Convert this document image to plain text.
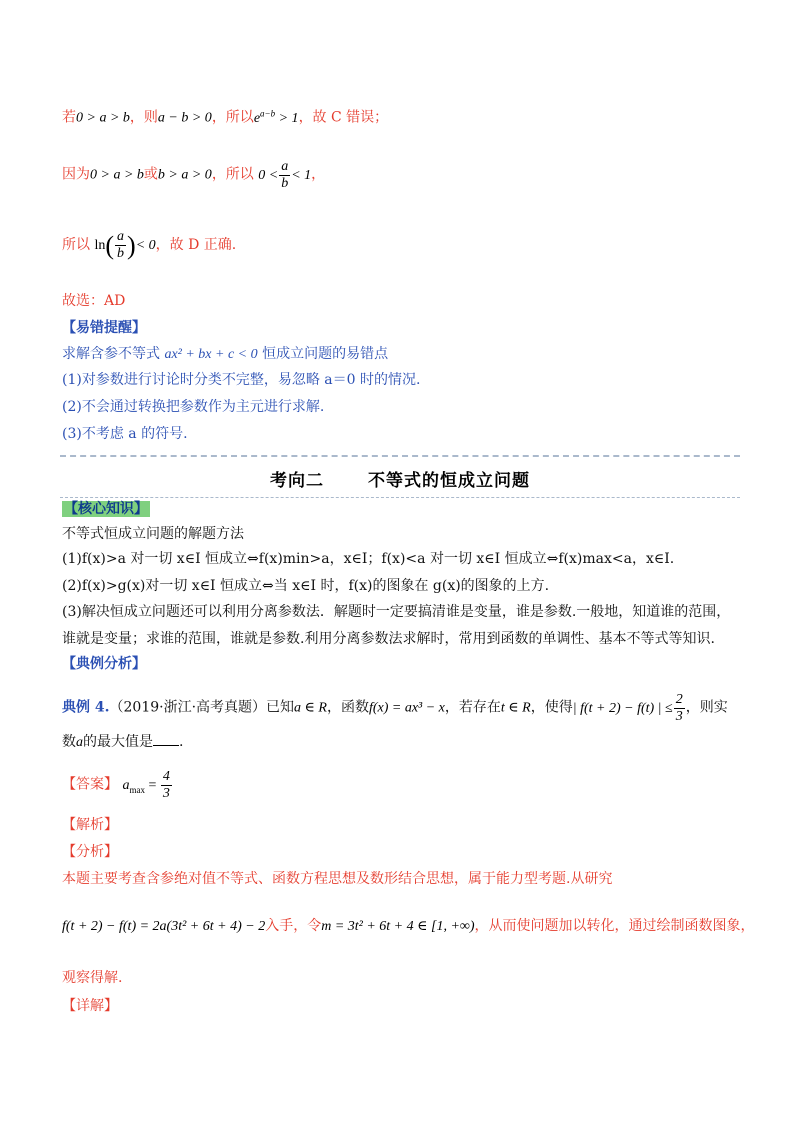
若0 > a > b，则a − b > 0，所以$e^{a-b} > 1$，故 C 错误；
因为0 > a > b或b > a > 0，所以 $0 < \frac{a}{b} < 1$，
所以 $\ln( \frac{a}{b}$ )< 0，故 D 正确.
故选：AD
【易错提醒】
求解含参不等式 ax² + bx + c < 0 恒成立问题的易错点
(1)对参数进行讨论时分类不完整，易忽略 a＝0 时的情况.
(2)不会通过转换把参数作为主元进行求解.
(3)不考虑 a 的符号.
考向二	不等式的恒成立问题
【核心知识】
不等式恒成立问题的解题方法
(1)f(x)>a 对一切 x∈I 恒成立⇔f(x)min>a，x∈I；f(x)<a 对一切 x∈I 恒成立⇔f(x)max<a，x∈I.
(2)f(x)>g(x)对一切 x∈I 恒成立⇔当 x∈I 时，f(x)的图象在 g(x)的图象的上方.
(3)解决恒成立问题还可以利用分离参数法．解题时一定要搞清谁是变量，谁是参数.一般地，知道谁的范围，
谁就是变量；求谁的范围，谁就是参数.利用分离参数法求解时，常用到函数的单调性、基本不等式等知识.
【典例分析】
典例 4.（2019·浙江·高考真题）已知a ∈ R，函数f(x) = ax³ − x，若存在t ∈ R，使得| f(t + 2) − f(t) | ≤ $\frac{2}{3}$ ，则实
数a的最大值是 .
【答案】 $a_{max} = \frac{4}{3}$
【解析】
【分析】
本题主要考查含参绝对值不等式、函数方程思想及数形结合思想，属于能力型考题.从研究
f(t + 2) − f(t) = 2a(3t² + 6t + 4) − 2入手，令m = 3t² + 6t + 4 ∈ [1, +∞)，从而使问题加以转化，通过绘制函数图象，
观察得解.
【详解】
